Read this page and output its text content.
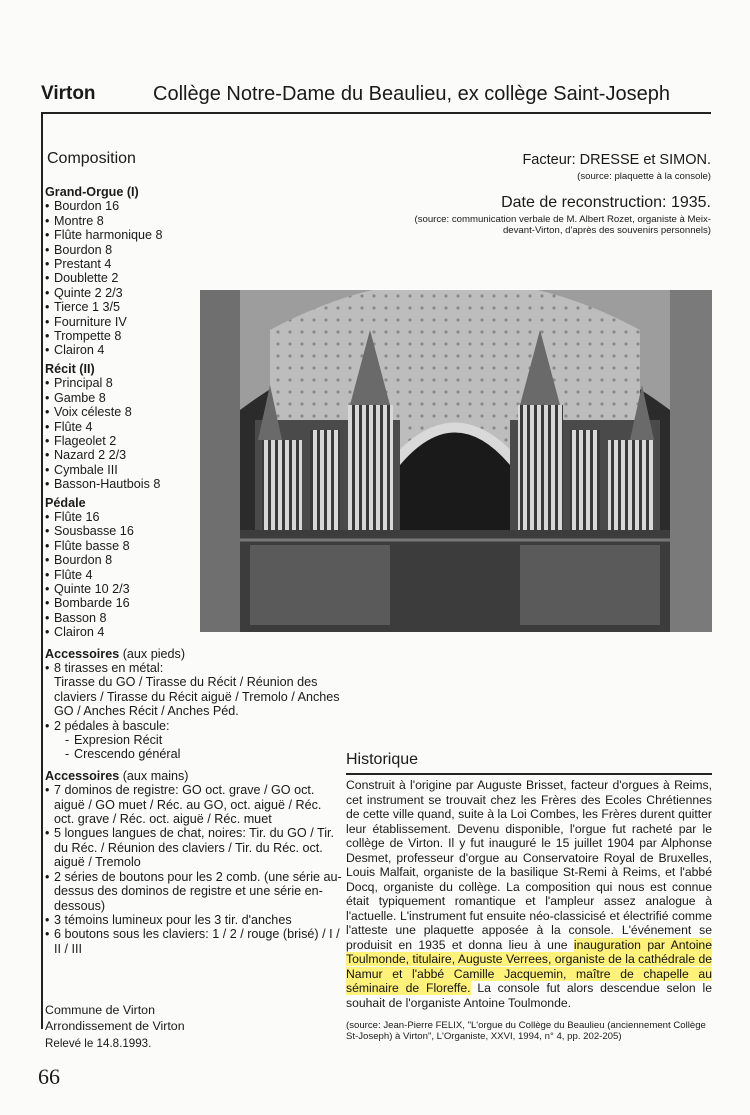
Virton	Collège Notre-Dame du Beaulieu, ex collège Saint-Joseph
Composition
Grand-Orgue (I)
• Bourdon 16
• Montre 8
• Flûte harmonique 8
• Bourdon 8
• Prestant 4
• Doublette 2
• Quinte 2 2/3
• Tierce 1 3/5
• Fourniture IV
• Trompette 8
• Clairon 4
Récit (II)
• Principal 8
• Gambe 8
• Voix céleste 8
• Flûte 4
• Flageolet 2
• Nazard 2 2/3
• Cymbale III
• Basson-Hautbois 8
Pédale
• Flûte 16
• Sousbasse 16
• Flûte basse 8
• Bourdon 8
• Flûte 4
• Quinte 10 2/3
• Bombarde 16
• Basson 8
• Clairon 4
Accessoires (aux pieds)
• 8 tirasses en métal:
Tirasse du GO / Tirasse du Récit / Réunion des claviers / Tirasse du Récit aiguë / Tremolo / Anches GO / Anches Récit / Anches Péd.
• 2 pédales à bascule:
- Expresion Récit
- Crescendo général
Accessoires (aux mains)
• 7 dominos de registre: GO oct. grave / GO oct. aiguë / GO muet / Réc. au GO, oct. aiguë / Réc. oct. grave / Réc. oct. aiguë / Réc. muet
• 5 longues langues de chat, noires: Tir. du GO / Tir. du Réc. / Réunion des claviers / Tir. du Réc. oct. aiguë / Tremolo
• 2 séries de boutons pour les 2 comb. (une série au-dessus des dominos de registre et une série en-dessous)
• 3 témoins lumineux pour les 3 tir. d'anches
• 6 boutons sous les claviers: 1 / 2 / rouge (brisé) / I / II / III
Facteur: DRESSE et SIMON.
(source: plaquette à la console)
Date de reconstruction: 1935.
(source: communication verbale de M. Albert Rozet, organiste à Meix-devant-Virton, d'après des souvenirs personnels)
Historique
Construit à l'origine par Auguste Brisset, facteur d'orgues à Reims, cet instrument se trouvait chez les Frères des Ecoles Chrétiennes de cette ville quand, suite à la Loi Combes, les Frères durent quitter leur établissement. Devenu disponible, l'orgue fut racheté par le collège de Virton. Il y fut inauguré le 15 juillet 1904 par Alphonse Desmet, professeur d'orgue au Conservatoire Royal de Bruxelles, Louis Malfait, organiste de la basilique St-Remi à Reims, et l'abbé Docq, organiste du collège. La composition qui nous est connue était typiquement romantique et l'ampleur assez analogue à l'actuelle. L'instrument fut ensuite néo-classicisé et électrifié comme l'atteste une plaquette apposée à la console. L'événement se produisit en 1935 et donna lieu à une inauguration par Antoine Toulmonde, titulaire, Auguste Verrees, organiste de la cathédrale de Namur et l'abbé Camille Jacquemin, maître de chapelle au séminaire de Floreffe. La console fut alors descendue selon le souhait de l'organiste Antoine Toulmonde.
(source: Jean-Pierre FELIX, "L'orgue du Collège du Beaulieu (anciennement Collège St-Joseph) à Virton", L'Organiste, XXVI, 1994, n° 4, pp. 202-205)
Commune de Virton
Arrondissement de Virton
Relevé le 14.8.1993.
66
